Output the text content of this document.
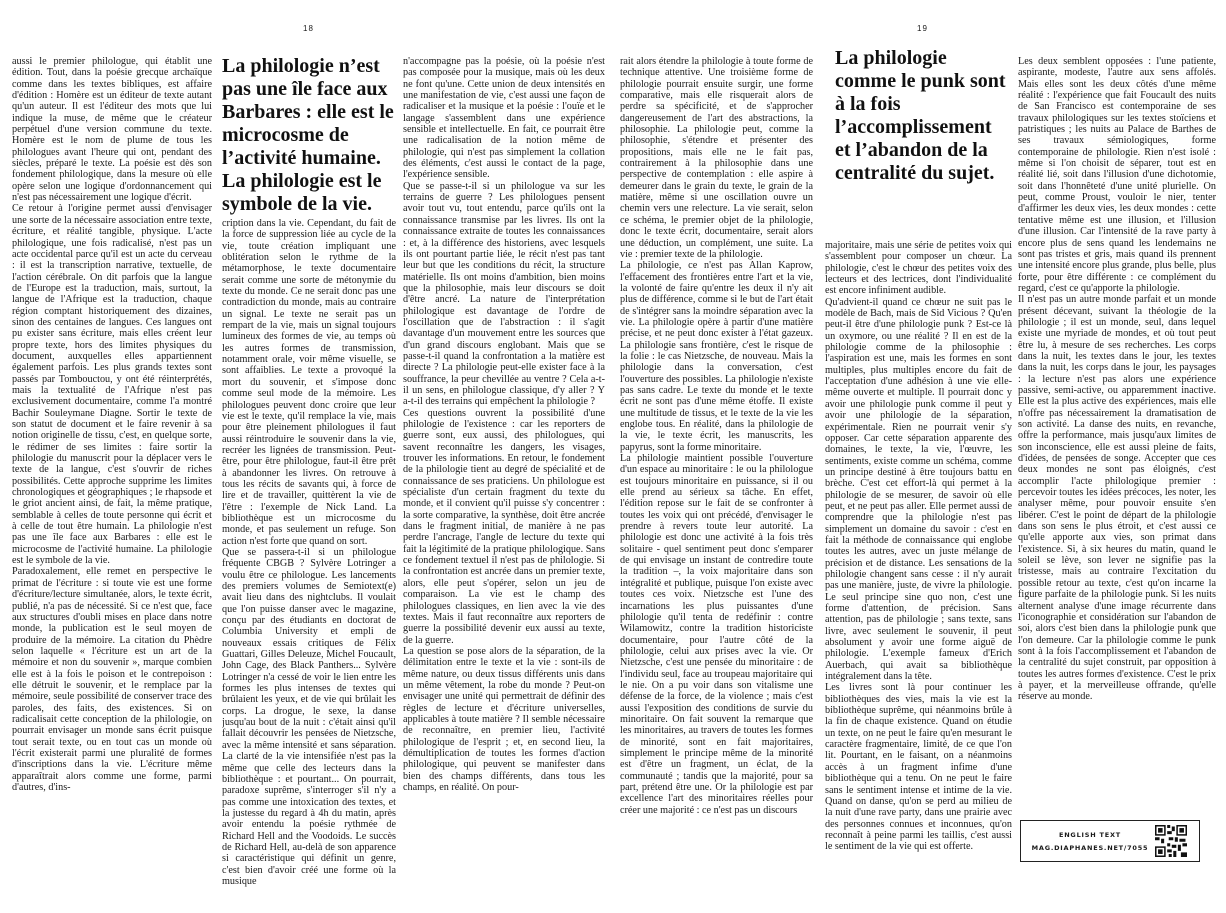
18	19

aussi le premier philologue, qui établit une édition. Tout, dans la poésie grecque archaïque comme dans les textes bibliques, est affaire d'édition : Homère est un éditeur de texte autant qu'un auteur. Il est l'éditeur des mots que lui indique la muse, de même que le créateur perpétuel d'une version commune du texte. Homère est le nom de plume de tous les philologues avant l'heure qui ont, pendant des siècles, préparé le texte. La poésie est dès son fondement philologique, dans la mesure où elle opère selon une logique d'ordonnancement qui n'est pas nécessairement une logique d'écrit.

Ce retour à l'origine permet aussi d'envisager une sorte de la nécessaire association entre texte, écriture, et réalité tangible, physique. L'acte philologique, une fois radicalisé, n'est pas un acte occidental parce qu'il est un acte du cerveau : il est la transcription narrative, textuelle, de l'action cérébrale. On dit parfois que la langue de l'Europe est la traduction, mais, surtout, la langue de l'Afrique est la traduction, chaque région comptant historiquement des dizaines, sinon des centaines de langues. Ces langues ont pu exister sans écriture, mais elles créent leur propre texte, hors des limites physiques du document, auxquelles elles appartiennent également parfois. Les plus grands textes sont passés par Tombouctou, y ont été réinterprétés, mais la textualité de l'Afrique n'est pas exclusivement documentaire, comme l'a montré Bachir Souleymane Diagne. Sortir le texte de son statut de document et le faire revenir à sa notion originelle de tissu, c'est, en quelque sorte, le rédimer de ses limites : faire sortir la philologie du manuscrit pour la déplacer vers le texte de la langue, c'est s'ouvrir de riches possibilités. Cette approche supprime les limites chronologiques et géographiques ; le rhapsode et le griot ancient ainsi, de fait, la même pratique, semblable à celles de toute personne qui écrit et à celle de tout être humain. La philologie n'est pas une île face aux Barbares : elle est le microcosme de l'activité humaine. La philologie est le symbole de la vie.

Paradoxalement, elle remet en perspective le primat de l'écriture : si toute vie est une forme d'écriture/lecture simultanée, alors, le texte écrit, publié, n'a pas de nécessité. Si ce n'est que, face aux structures d'oubli mises en place dans notre monde, la publication est le seul moyen de produire de la mémoire. La citation du Phèdre selon laquelle « l'écriture est un art de la mémoire et non du souvenir », marque combien elle est à la fois le poison et le contrepoison : elle détruit le souvenir, et le remplace par la mémoire, seule possibilité de conserver trace des paroles, des faits, des existences. Si on radicalisait cette conception de la philologie, on pourrait envisager un monde sans écrit puisque tout serait texte, ou en tout cas un monde où l'écrit existerait parmi une pluralité de formes d'inscriptions dans la vie. L'écriture même apparaîtrait alors comme une forme, parmi d'autres, d'ins-

La philologie n’est pas une île face aux Barbares : elle est le microcosme de l’activité humaine. La philologie est le symbole de la vie.

cription dans la vie. Cependant, du fait de la force de suppression liée au cycle de la vie, toute création impliquant une oblitération selon le rythme de la métamorphose, le texte documentaire serait comme une sorte de métonymie du texte du monde. Ce ne serait donc pas une contradiction du monde, mais au contraire un signal. Le texte ne serait pas un rempart de la vie, mais un signal toujours lumineux des formes de vie, au temps où les autres formes de transmission, notamment orale, voir même visuelle, se sont affaiblies. Le texte a provoqué la mort du souvenir, et s'impose donc comme seul mode de la mémoire. Les philologues peuvent donc croire que leur vie est le texte, qu'il remplace la vie, mais pour être pleinement philologues il faut aussi réintroduire le souvenir dans la vie, recréer les lignées de transmission. Peut-être, pour être philologue, faut-il être prêt à abandonner les livres. On retrouve à tous les récits de savants qui, à force de lire et de travailler, quittèrent la vie de l'être : l'exemple de Nick Land. La bibliothèque est un microcosme du monde, et pas seulement un refuge. Son action n'est forte que quand on sort.

Que se passera-t-il si un philologue fréquente CBGB ? Sylvère Lotringer a voulu être ce philologue. Les lancements des premiers volumes de Semiotext(e) avait lieu dans des nightclubs. Il voulait que l'on puisse danser avec le magazine, conçu par des étudiants en doctorat de Columbia University et empli de nouveaux essais critiques de Félix Guattari, Gilles Deleuze, Michel Foucault, John Cage, des Black Panthers... Sylvère Lotringer n'a cessé de voir le lien entre les formes les plus intenses de textes qui brûlaient les yeux, et de vie qui brûlait les corps. La drogue, le sexe, la danse jusqu'au bout de la nuit : c'était ainsi qu'il fallait découvrir les pensées de Nietzsche, avec la même intensité et sans séparation. La clarté de la vie intensifiée n'est pas la même que celle des lecteurs dans la bibliothèque : et pourtant... On pourrait, paradoxe suprême, s'interroger s'il n'y a pas comme une intoxication des textes, et la justesse du regard à 4h du matin, après avoir entendu la poésie rythmée de Richard Hell and the Voodoids. Le succès de Richard Hell, au-delà de son apparence si caractéristique qui définit un genre, c'est bien d'avoir créé une forme où la musique

n'accompagne pas la poésie, où la poésie n'est pas composée pour la musique, mais où les deux ne font qu'une. Cette union de deux intensités en une manifestation de vie, c'est aussi une façon de radicaliser et la musique et la poésie : l'ouïe et le langage s'assemblent dans une expérience sensible et intellectuelle. En fait, ce pourrait être une radicalisation de la notion même de philologie, qui n'est pas simplement la collation des éléments, c'est aussi le contact de la page, l'expérience sensible.

Que se passe-t-il si un philologue va sur les terrains de guerre ? Les philologues pensent avoir tout vu, tout entendu, parce qu'ils ont la connaissance transmise par les livres. Ils ont la connaissance extraite de toutes les connaissances : et, à la différence des historiens, avec lesquels ils ont pourtant partie liée, le récit n'est pas tant leur but que les conditions du récit, la structure matérielle. Ils ont moins d'ambition, bien moins que la philosophie, mais leur discours se doit d'être ancré. La nature de l'interprétation philologique est davantage de l'ordre de l'oscillation que de l'abstraction : il s'agit davantage d'un mouvement entre les sources que d'un grand discours englobant. Mais que se passe-t-il quand la confrontation a la matière est directe ? La philologie peut-elle exister face à la souffrance, la peur chevillée au ventre ? Cela a-t-il un sens, en philologue classique, d'y aller ? Y a-t-il des terrains qui empêchent la philologie ?

Ces questions ouvrent la possibilité d'une philologie de l'existence : car les reporters de guerre sont, eux aussi, des philologues, qui savent reconnaître les dangers, les visages, trouver les informations. En retour, le fondement de la philologie tient au degré de spécialité et de connaissance de ses praticiens. Un philologue est spécialiste d'un certain fragment du texte du monde, et il convient qu'il puisse s'y concentrer : la sorte comparative, la synthèse, doit être ancrée dans le fragment initial, de manière à ne pas perdre l'ancrage, l'angle de lecture du texte qui fait la légitimité de la pratique philologique. Sans ce fondement textuel il n'est pas de philologie. Si la confrontation est ancrée dans un premier texte, alors, elle peut s'opérer, selon un jeu de comparaison. La vie est le champ des philologues classiques, en lien avec la vie des textes. Mais il faut reconnaître aux reporters de guerre la possibilité devenir eux aussi au texte, de la guerre.

La question se pose alors de la séparation, de la délimitation entre le texte et la vie : sont-ils de même nature, ou deux tissus différents unis dans un même vêtement, la robe du monde ? Peut-on envisager une unité qui permettrait de définir des règles de lecture et d'écriture universelles, applicables à toute matière ? Il semble nécessaire de reconnaître, en premier lieu, l'activité philologique de l'esprit ; et, en second lieu, la démultiplication de toutes les formes d'action philologique, qui peuvent se manifester dans bien des champs différents, dans tous les champs, en réalité. On pour-

rait alors étendre la philologie à toute forme de technique attentive. Une troisième forme de philologie pourrait ensuite surgir, une forme comparative, mais elle risquerait alors de perdre sa spécificité, et de s'approcher dangereusement de l'art des abstractions, la philosophie. La philologie peut, comme la philosophie, s'étendre et présenter des propositions, mais elle ne le fait pas, contrairement à la philosophie dans une perspective de contemplation : elle aspire à demeurer dans le grain du texte, le grain de la matière, même si une oscillation ouvre un chemin vers une relecture. La vie serait, selon ce schéma, le premier objet de la philologie, donc le texte écrit, documentaire, serait alors une déduction, un complément, une suite. La vie : premier texte de la philologie.

La philologie, ce n'est pas Allan Kaprow, l'effacement des frontières entre l'art et la vie, la volonté de faire qu'entre les deux il n'y ait plus de différence, comme si le but de l'art était de s'intégrer sans la moindre séparation avec la vie. La philologie opère à partir d'une matière précise, et ne peut donc exister à l'état gazeux. La philologie sans frontière, c'est le risque de la folie : le cas Nietzsche, de nouveau. Mais la philologie dans la conversation, c'est l'ouverture des possibles. La philologie n'existe pas sans cadre. Le texte du monde et le texte écrit ne sont pas d'une même étoffe. Il existe une multitude de tissus, et le texte de la vie les englobe tous. En réalité, dans la philologie de la vie, le texte écrit, les manuscrits, les papyrus, sont la forme minoritaire.

La philologie maintient possible l'ouverture d'un espace au minoritaire : le ou la philologue est toujours minoritaire en puissance, si il ou elle prend au sérieux sa tâche. En effet, l'édition repose sur le fait de se confronter à toutes les voix qui ont précédé, d'envisager le prendre à revers toute leur autorité. La philologie est donc une activité à la fois très solitaire - quel sentiment peut donc s'emparer de qui envisage un instant de contredire toute la tradition –, la voix majoritaire dans son intégralité et publique, puisque l'on existe avec toutes ces voix. Nietzsche est l'une des incarnations les plus puissantes d'une philologie qu'il tenta de redéfinir : contre Wilamowitz, contre la tradition historiciste documentaire, pour l'autre côté de la philologie, celui aux prises avec la vie. Or Nietzsche, c'est une pensée du minoritaire : de l'individu seul, face au troupeau majoritaire qui le nie. On a pu voir dans son vitalisme une défense de la force, de la violence ; mais c'est aussi l'exposition des conditions de survie du minoritaire. On fait souvent la remarque que les minoritaires, au travers de toutes les formes de minorité, sont en fait majoritaires, simplement le principe même de la minorité est d'être un fragment, un éclat, de la communauté ; tandis que la majorité, pour sa part, prétend être une. Or la philologie est par excellence l'art des minoritaires réelles pour créer une majorité : ce n'est pas un discours

La philologie comme le punk sont à la fois l’accomplissement et l’abandon de la centralité du sujet.

majoritaire, mais une série de petites voix qui s'assemblent pour composer un chœur. La philologie, c'est le chœur des petites voix des lecteurs et des lectrices, dont l'individualité est encore infiniment audible.

Qu'advient-il quand ce chœur ne suit pas le modèle de Bach, mais de Sid Vicious ? Qu'en peut-il être d'une philologie punk ? Est-ce là un oxymore, ou une réalité ? Il en est de la philologie comme de la philosophie : l'aspiration est une, mais les formes en sont multiples, plus multiples encore du fait de l'acceptation d'une adhésion à une vie elle-même ouverte et multiple. Il pourrait donc y avoir une philologie punk comme il peut y avoir une philologie de la séparation, expérimentale. Rien ne pourrait venir s'y opposer. Car cette séparation apparente des domaines, le texte, la vie, l'œuvre, les sentiments, existe comme un schéma, comme un principe destiné à être toujours battu en brèche. C'est cet effort-là qui permet à la philologie de se mesurer, de savoir où elle peut, et ne peut pas aller. Elle permet aussi de comprendre que la philologie n'est pas simplement un domaine du savoir : c'est en fait la méthode de connaissance qui englobe toutes les autres, avec un juste mélange de précision et de distance. Les sensations de la philologie changent sans cesse : il n'y aurait pas une manière, juste, de vivre la philologie. Le seul principe sine quo non, c'est une forme d'attention, de précision. Sans attention, pas de philologie ; sans texte, sans livre, avec seulement le souvenir, il peut absolument y avoir une forme aiguë de philologie. L'exemple fameux d'Erich Auerbach, qui avait sa bibliothèque intégralement dans la tête.

Les livres sont là pour continuer les bibliothèques des vies, mais la vie est la bibliothèque suprême, qui néanmoins brûle à la fin de chaque existence. Quand on étudie un texte, on ne peut le faire qu'en mesurant le caractère fragmentaire, limité, de ce que l'on lit. Pourtant, en le faisant, on a néanmoins accès à un fragment infime d'une bibliothèque qui a tenu. On ne peut le faire sans le sentiment intense et intime de la vie. Quand on danse, qu'on se perd au milieu de la nuit d'une rave party, dans une prairie avec des personnes connues et inconnues, qu'on reconnaît à peine parmi les taillis, c'est aussi le sentiment de la vie qui est offerte.

Les deux semblent opposées : l'une patiente, aspirante, modeste, l'autre aux sens affolés. Mais elles sont les deux côtés d'une même réalité : l'expérience que fait Foucault des nuits de San Francisco est contemporaine de ses travaux philologiques sur les textes stoïciens et patristiques ; les nuits au Palace de Barthes de ses travaux sémiologiques, forme contemporaine de philologie. Rien n'est isolé : même si l'on choisit de séparer, tout est en réalité lié, soit dans l'illusion d'une dichotomie, soit dans l'honnêteté d'une unité plurielle. On peut, comme Proust, vouloir le nier, tenter d'affirmer les deux vies, les deux mondes : cette tentative même est une illusion, et l'illusion d'une illusion. Car l'intensité de la rave party à encore plus de sens quand les lendemains ne sont pas tristes et gris, mais quand ils prennent une intensité encore plus grande, plus belle, plus forte, pour être différente : ce complément du regard, c'est ce qu'apporte la philologie.

Il n'est pas un autre monde parfait et un monde présent décevant, suivant la théologie de la philologie ; il est un monde, seul, dans lequel existe une myriade de mondes, et où tout peut être lu, à mesure de ses recherches. Les corps dans la nuit, les textes dans le jour, les textes dans la nuit, les corps dans le jour, les paysages : la lecture n'est pas alors une expérience passive, semi-active, ou apparemment inactive. Elle est la plus active des expériences, mais elle n'offre pas nécessairement la dramatisation de son activité. La danse des nuits, en revanche, offre la performance, mais jusqu'aux limites de son inconscience, elle est aussi pleine de faits, d'idées, de pensées de songe. Accepter que ces deux mondes ne sont pas éloignés, c'est accomplir l'acte philologique premier : percevoir toutes les idées précoces, les noter, les analyser même, pour pouvoir ensuite s'en libérer. C'est le point de départ de la philologie dans son sens le plus étroit, et c'est aussi ce qu'elle apporte aux vies, son primat dans l'existence. Si, à six heures du matin, quand le soleil se lève, son lever ne signifie pas la tristesse, mais au contraire l'excitation du possible retour au texte, c'est qu'on incarne la figure parfaite de la philologie punk. Si les nuits alternent analyse d'une image récurrente dans l'iconographie et considération sur l'abandon de soi, alors c'est bien dans la philologie punk que l'on demeure. Car la philologie comme le punk sont à la fois l'accomplissement et l'abandon de la centralité du sujet construit, par opposition à toutes les autres formes d'existence. C'est le prix à payer, et la merveilleuse offrande, qu'elle réserve au monde.

ENGLISH TEXT
MAG.DIAPHANES.NET/7055
